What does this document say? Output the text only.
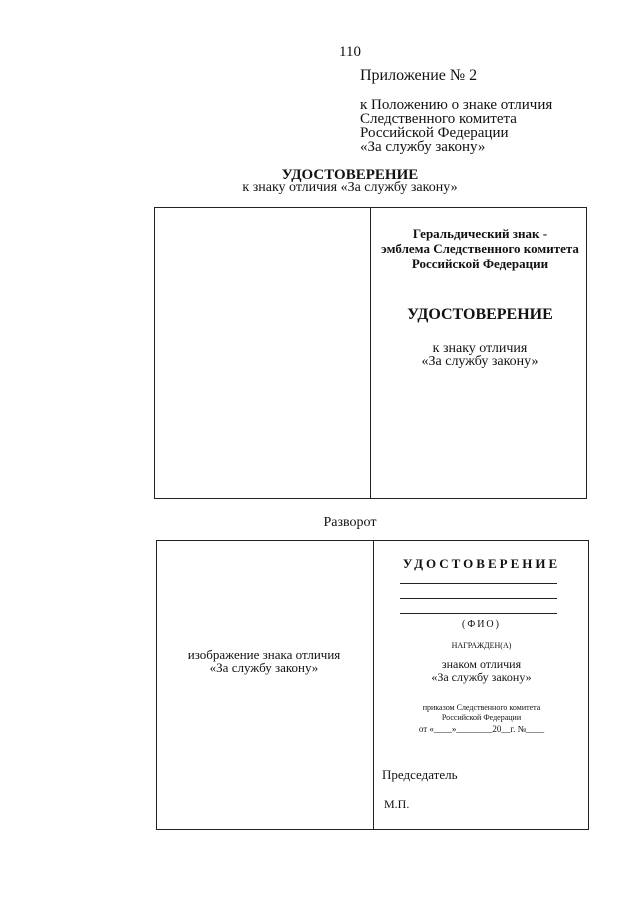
110
Приложение № 2
к Положению о знаке отличия
Следственного комитета
Российской Федерации
«За службу закону»
УДОСТОВЕРЕНИЕ
к знаку отличия «За службу закону»
Геральдический знак -
эмблема Следственного комитета
Российской Федерации
УДОСТОВЕРЕНИЕ
к знаку отличия
«За службу закону»
Разворот
изображение знака отличия
«За службу закону»
УДОСТОВЕРЕНИЕ
(ФИО)
НАГРАЖДЕН(А)
знаком отличия
«За службу закону»
приказом Следственного комитета
Российской Федерации
от «____»________20__г. №____
Председатель
М.П.
